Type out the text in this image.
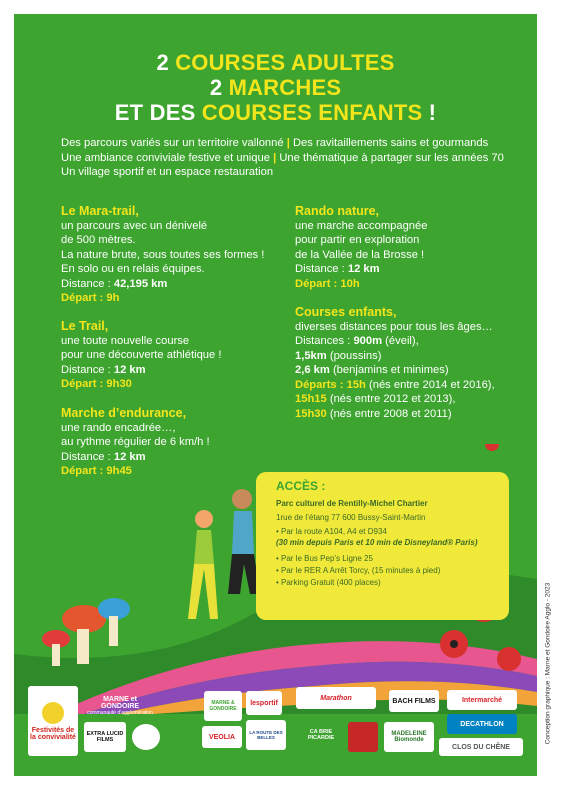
2 COURSES ADULTES
2 MARCHES
ET DES COURSES ENFANTS !
Des parcours variés sur un territoire vallonné | Des ravitaillements sains et gourmands
Une ambiance conviviale festive et unique | Une thématique à partager sur les années 70
Un village sportif et un espace restauration
Le Mara-trail,
un parcours avec un dénivelé
de 500 mètres.
La nature brute, sous toutes ses formes !
En solo ou en relais équipes.
Distance : 42,195 km
Départ : 9h
Le Trail,
une toute nouvelle course
pour une découverte athlétique !
Distance : 12 km
Départ : 9h30
Marche d’endurance,
une rando encadrée…,
au rythme régulier de 6 km/h !
Distance : 12 km
Départ : 9h45
Rando nature,
une marche accompagnée
pour partir en exploration
de la Vallée de la Brosse !
Distance : 12 km
Départ : 10h
Courses enfants,
diverses distances pour tous les âges…
Distances : 900m (éveil),
1,5km (poussins)
2,6 km (benjamins et minimes)
Départs : 15h (nés entre 2014 et 2016),
15h15 (nés entre 2012 et 2013),
15h30 (nés entre 2008 et 2011)
ACCÈS :
Parc culturel de Rentilly-Michel Chartier
1rue de l’étang 77 600 Bussy-Saint-Martin
• Par la route A104, A4 et D934
(30 min depuis Paris et 10 min de Disneyland® Paris)
• Par le Bus Pep’s Ligne 25
• Par le RER A Arrêt Torcy, (15 minutes à pied)
• Parking Gratuit (400 places)
Festivités de la convivialité
MARNE et GONDOIRE
communauté d’agglomération
MARNE & GONDOIRE
lesportif
Marathon	BACH FILMS	Intermarché
EXTRA LUCID FILMS	VEOLIA
LA ROUTE DES BELLES
CA BRIE PICARDIE
MADELEINE Biomonde
DECATHLON
CLOS DU CHÊNE
Conception graphique : Marne et Gondoire Agglo - 2023
